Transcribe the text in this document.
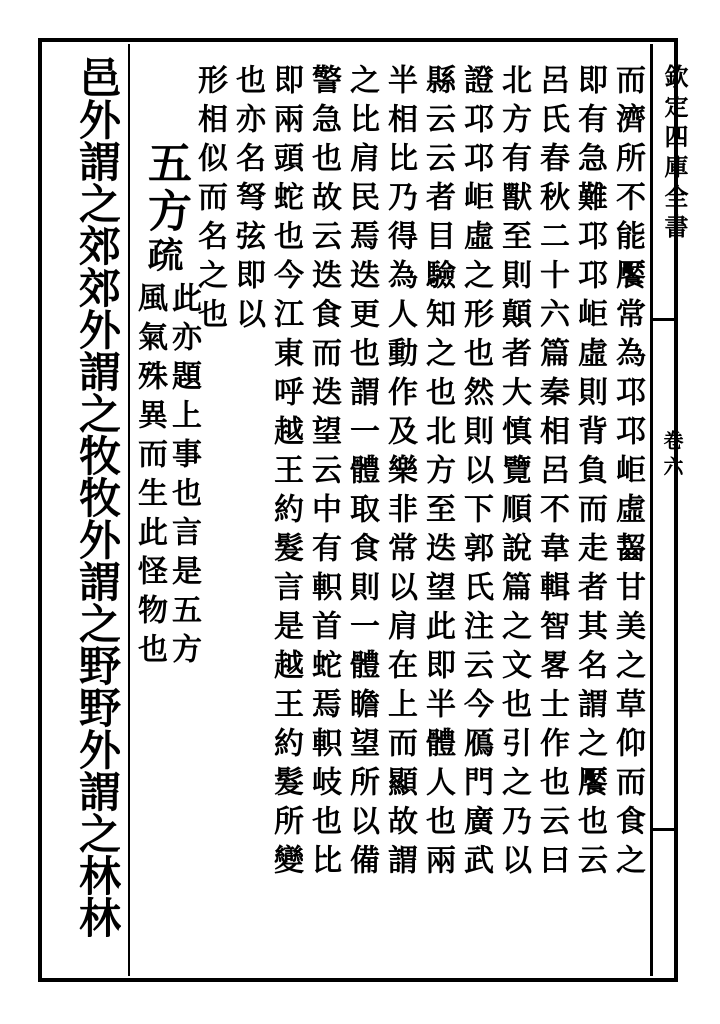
欽定四庫全書
卷六
而濟所不能饜常為邛邛岠虛齧甘美之草仰而食之
即有急難邛邛岠虛則背負而走者其名謂之饜也云
呂氏春秋二十六篇秦相呂不韋輯智畧士作也云曰
北方有獸至則顛者大慎覽順說篇之文也引之乃以
證邛邛岠虛之形也然則以下郭氏注云今鴈門廣武
縣云云者目驗知之也北方至迭望此即半體人也兩
半相比乃得為人動作及樂非常以肩在上而顯故謂
之比肩民焉迭更也謂一體取食則一體瞻望所以備
警急也故云迭食而迭望云中有軹首蛇焉軹岐也比
即兩頭蛇也今江東呼越王約髮言是越王約髮所變
也亦名弩弦即以
形相似而名之也
五方
疏
此亦題上事也言是五方
風氣殊異而生此怪物也
邑外謂之郊郊外謂之牧牧外謂之野野外謂之林林
